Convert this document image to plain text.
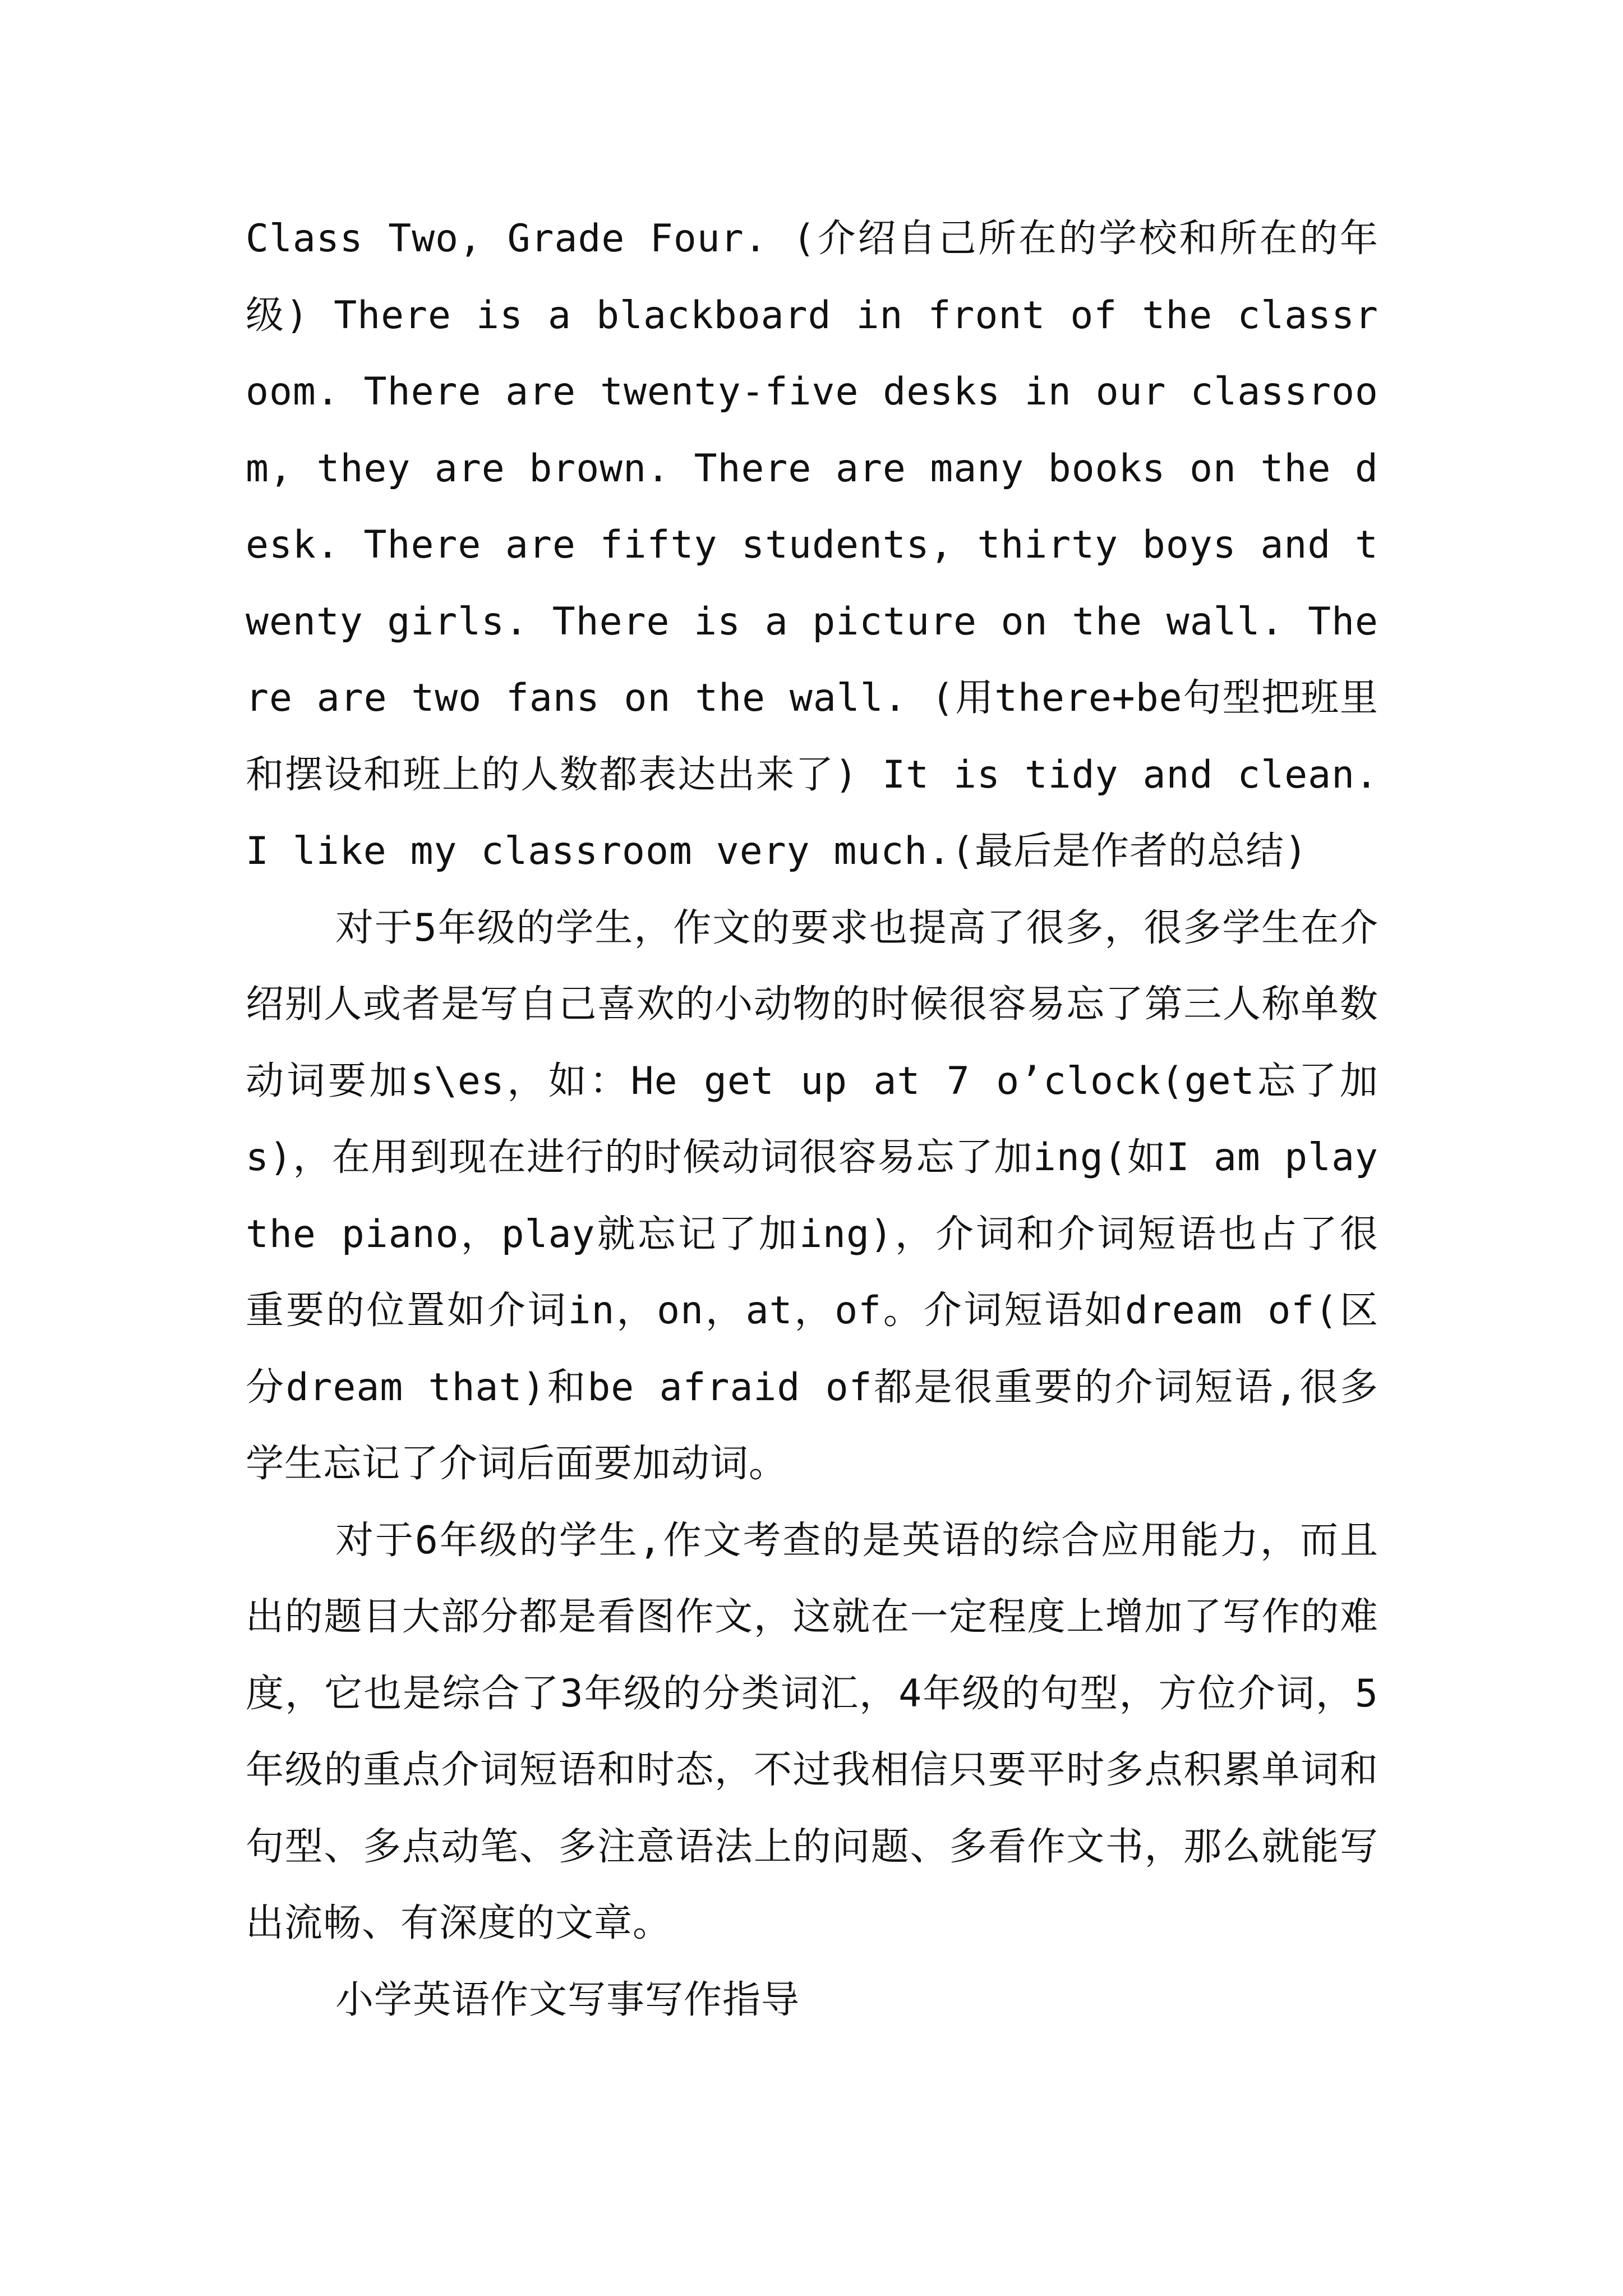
Class Two, Grade Four. (介绍自己所在的学校和所在的年级) There is a blackboard in front of the classroom. There are twenty-five desks in our classroom, they are brown. There are many books on the desk. There are fifty students, thirty boys and twenty girls. There is a picture on the wall. There are two fans on the wall. (用there+be句型把班里和摆设和班上的人数都表达出来了) It is tidy and clean.I like my classroom very much.(最后是作者的总结)

对于5年级的学生，作文的要求也提高了很多，很多学生在介绍别人或者是写自己喜欢的小动物的时候很容易忘了第三人称单数动词要加s\es，如：He get up at 7 o’clock(get忘了加s)，在用到现在进行的时候动词很容易忘了加ing(如I am play the piano，play就忘记了加ing)，介词和介词短语也占了很重要的位置如介词in，on，at，of。介词短语如dream of(区分dream that)和be afraid of都是很重要的介词短语,很多学生忘记了介词后面要加动词。

对于6年级的学生,作文考查的是英语的综合应用能力，而且出的题目大部分都是看图作文，这就在一定程度上增加了写作的难度，它也是综合了3年级的分类词汇，4年级的句型，方位介词，5年级的重点介词短语和时态，不过我相信只要平时多点积累单词和句型、多点动笔、多注意语法上的问题、多看作文书，那么就能写出流畅、有深度的文章。

小学英语作文写事写作指导
